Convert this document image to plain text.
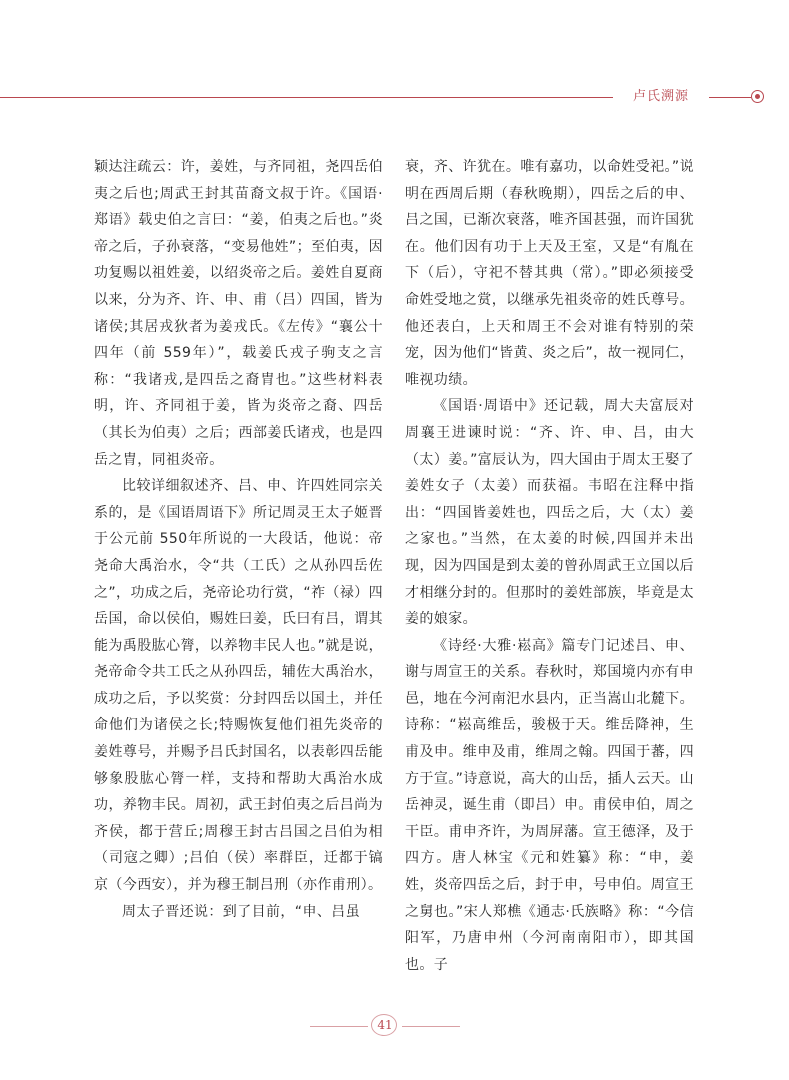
卢氏溯源

颖达注疏云：许，姜姓，与齐同祖，尧四岳伯夷之后也;周武王封其苗裔文叔于许。《国语·郑语》载史伯之言曰：“姜，伯夷之后也。”炎帝之后，子孙衰落，“变易他姓”；至伯夷，因功复赐以祖姓姜，以绍炎帝之后。姜姓自夏商以来，分为齐、许、申、甫（吕）四国，皆为诸侯;其居戎狄者为姜戎氏。《左传》“襄公十四年（前 559年）”，载姜氏戎子驹支之言称：“我诸戎,是四岳之裔胄也。”这些材料表明，许、齐同祖于姜，皆为炎帝之裔、四岳（其长为伯夷）之后；西部姜氏诸戎，也是四岳之胄，同祖炎帝。

比较详细叙述齐、吕、申、许四姓同宗关系的，是《国语周语下》所记周灵王太子姬晋于公元前 550年所说的一大段话，他说：帝尧命大禹治水，令“共（工氏）之从孙四岳佐之”，功成之后，尧帝论功行赏，“祚（禄）四岳国，命以侯伯，赐姓曰姜，氏曰有吕，谓其能为禹股肱心膂，以养物丰民人也。”就是说，尧帝命令共工氏之从孙四岳，辅佐大禹治水，成功之后，予以奖赏：分封四岳以国土，并任命他们为诸侯之长;特赐恢复他们祖先炎帝的姜姓尊号，并赐予吕氏封国名，以表彰四岳能够象股肱心膂一样，支持和帮助大禹治水成功，养物丰民。周初，武王封伯夷之后吕尚为齐侯，都于营丘;周穆王封古吕国之吕伯为相（司寇之卿）;吕伯（侯）率群臣，迁都于镐京（今西安），并为穆王制吕刑（亦作甫刑）。

周太子晋还说：到了目前，“申、吕虽

衰，齐、许犹在。唯有嘉功，以命姓受祀。”说明在西周后期（春秋晚期），四岳之后的申、吕之国，已渐次衰落，唯齐国甚强，而许国犹在。他们因有功于上天及王室，又是“有胤在下（后），守祀不替其典（常）。”即必须接受命姓受地之赏，以继承先祖炎帝的姓氏尊号。他还表白，上天和周王不会对谁有特别的荣宠，因为他们“皆黄、炎之后”，故一视同仁，唯视功绩。

《国语·周语中》还记载，周大夫富辰对周襄王进谏时说：“齐、许、申、吕，由大（太）姜。”富辰认为，四大国由于周太王娶了姜姓女子（太姜）而获福。韦昭在注释中指出：“四国皆姜姓也，四岳之后，大（太）姜之家也。”当然，在太姜的时候,四国并未出现，因为四国是到太姜的曾孙周武王立国以后才相继分封的。但那时的姜姓部族，毕竟是太姜的娘家。

《诗经·大雅·崧高》篇专门记述吕、申、谢与周宣王的关系。春秋时，郑国境内亦有申邑，地在今河南汜水县内，正当嵩山北麓下。诗称：“崧高维岳，骏极于天。维岳降神，生甫及申。维申及甫，维周之翰。四国于蕃，四方于宣。”诗意说，高大的山岳，插人云天。山岳神灵，诞生甫（即吕）申。甫侯申伯，周之干臣。甫申齐许，为周屏藩。宣王德泽，及于四方。唐人林宝《元和姓纂》称：“申，姜姓，炎帝四岳之后，封于申，号申伯。周宣王之舅也。”宋人郑樵《通志·氏族略》称：“今信阳军，乃唐申州（今河南南阳市），即其国也。子

41
